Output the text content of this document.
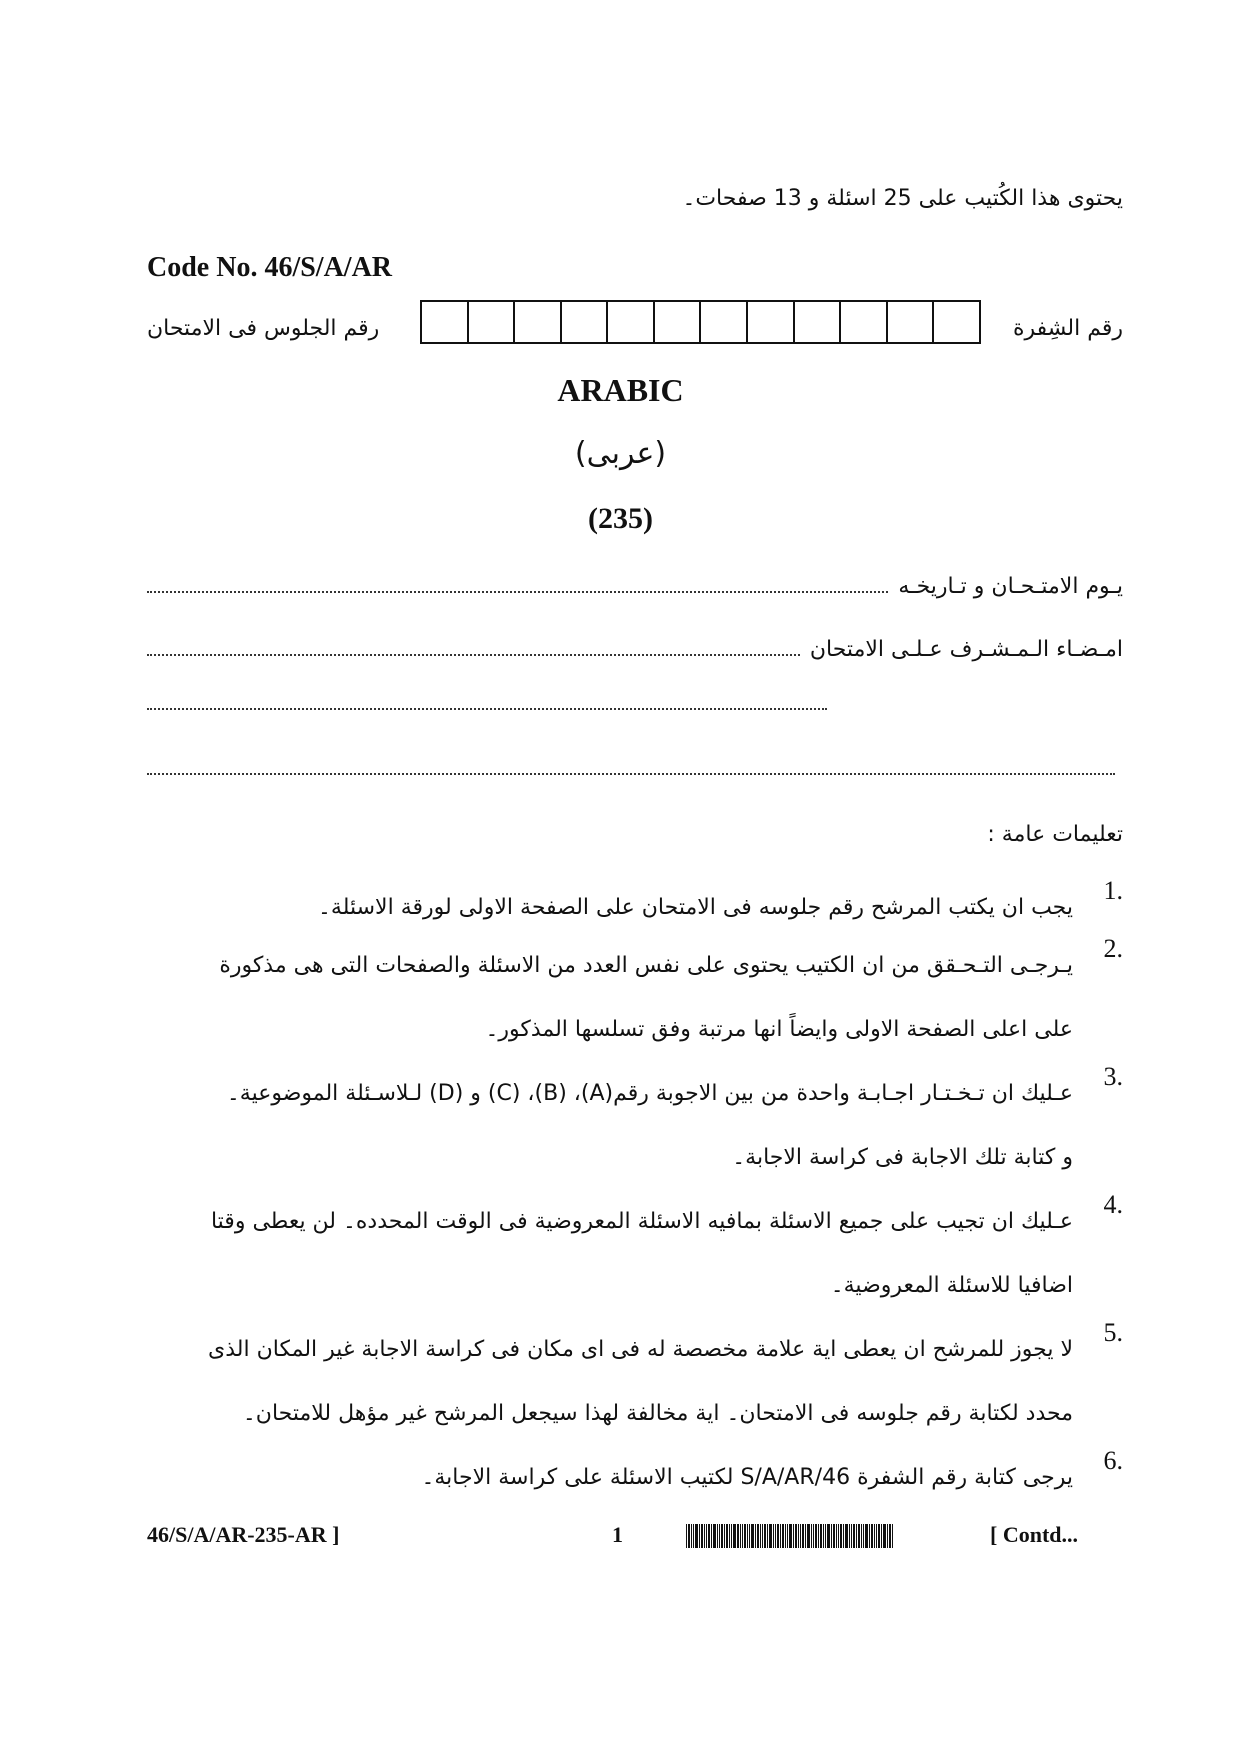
يحتوى هذا الكُتيب على 25 اسئلة و 13 صفحات۔
Code No. 46/S/A/AR
رقم الشِفرة
رقم الجلوس فى الامتحان
ARABIC
(عربى)
(235)
يـوم الامتـحـان و تـاريخـه
امـضـاء الـمـشـرف عـلـى الامتحان
تعليمات عامة :
1.
يجب ان يكتب المرشح رقم جلوسه فى الامتحان على الصفحة الاولى لورقة الاسئلة۔
2.
يـرجـى التـحـقق من ان الكتيب يحتوى على نفس العدد من الاسئلة والصفحات التى هى مذكورة
على اعلى الصفحة الاولى وايضاً انها مرتبة وفق تسلسها المذكور۔
3.
عـليك ان تـخـتـار اجـابـة واحدة من بين الاجوبة رقم(A)، (B)، (C) و (D) لـلاسـئلة الموضوعية۔
و كتابة تلك الاجابة فى كراسة الاجابة۔
4.
عـليك ان تجيب على جميع الاسئلة بمافيه الاسئلة المعروضية فى الوقت المحدده۔ لن يعطى وقتا
اضافيا للاسئلة المعروضية۔
5.
لا يجوز للمرشح ان يعطى اية علامة مخصصة له فى اى مكان فى كراسة الاجابة غير المكان الذى
محدد لكتابة رقم جلوسه فى الامتحان۔ اية مخالفة لهذا سيجعل المرشح غير مؤهل للامتحان۔
6.
يرجى كتابة رقم الشفرة 46/S/A/AR لكتيب الاسئلة على كراسة الاجابة۔
46/S/A/AR-235-AR ]	1	[ Contd...
